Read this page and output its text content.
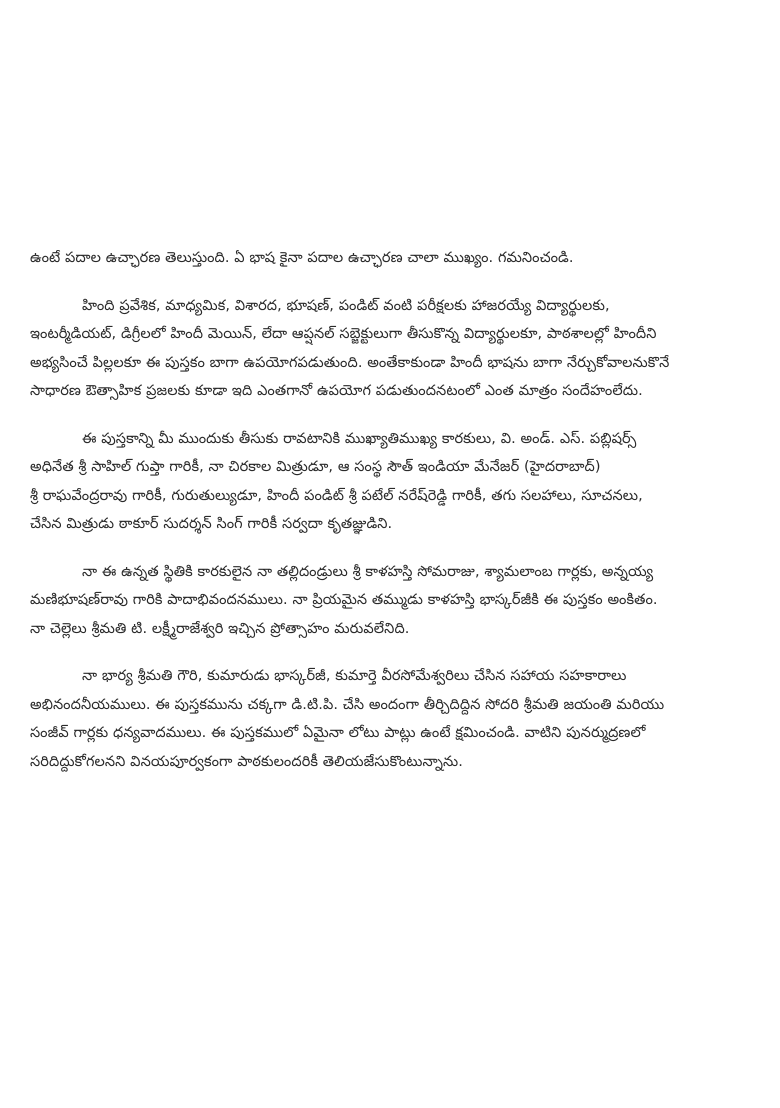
ఉంటే పదాల ఉచ్ఛారణ తెలుస్తుంది. ఏ భాష కైనా పదాల ఉచ్ఛారణ చాలా ముఖ్యం. గమనించండి.

హింది ప్రవేశిక, మాధ్యమిక, విశారద, భూషణ్, పండిట్ వంటి పరీక్షలకు హాజరయ్యే విద్యార్థులకు,
ఇంటర్మీడియట్, డిగ్రీలలో హిందీ మెయిన్, లేదా ఆప్షనల్ సబ్జెక్టులుగా తీసుకొన్న విద్యార్థులకూ, పాఠశాలల్లో హిందీని
అభ్యసించే పిల్లలకూ ఈ పుస్తకం బాగా ఉపయోగపడుతుంది. అంతేకాకుండా హిందీ భాషను బాగా నేర్చుకోవాలనుకొనే
సాధారణ ఔత్సాహిక ప్రజలకు కూడా ఇది ఎంతగానో ఉపయోగ పడుతుందనటంలో ఎంత మాత్రం సందేహంలేదు.

ఈ పుస్తకాన్ని మీ ముందుకు తీసుకు రావటానికి ముఖ్యాతిముఖ్య కారకులు, వి. అండ్. ఎస్. పబ్లిషర్స్
అధినేత శ్రీ సాహిల్ గుప్తా గారికీ, నా చిరకాల మిత్రుడూ, ఆ సంస్థ సౌత్ ఇండియా మేనేజర్ (హైదరాబాద్)
శ్రీ రాఘవేంద్రరావు గారికీ, గురుతుల్యుడూ, హిందీ పండిట్ శ్రీ పటేల్ నరేష్‌రెడ్డి గారికీ, తగు సలహాలు, సూచనలు,
చేసిన మిత్రుడు ఠాకూర్ సుదర్శన్ సింగ్ గారికీ సర్వదా కృతజ్ఞుడిని.

నా ఈ ఉన్నత స్థితికి కారకులైన నా తల్లిదండ్రులు శ్రీ కాళహస్తి సోమరాజు, శ్యామలాంబ గార్లకు, అన్నయ్య
మణిభూషణ్‌రావు గారికి పాదాభివందనములు. నా ప్రియమైన తమ్ముడు కాళహస్తి భాస్కర్‌జీకి ఈ పుస్తకం అంకితం.
నా చెల్లెలు శ్రీమతి టి. లక్ష్మీరాజేశ్వరి ఇచ్చిన ప్రోత్సాహం మరువలేనిది.

నా భార్య శ్రీమతి గౌరి, కుమారుడు భాస్కర్‌జీ, కుమార్తె వీరసోమేశ్వరిలు చేసిన సహాయ సహకారాలు
అభినందనీయములు. ఈ పుస్తకమును చక్కగా డి.టి.పి. చేసి అందంగా తీర్చిదిద్దిన సోదరి శ్రీమతి జయంతి మరియు
సంజీవ్ గార్లకు ధన్యవాదములు. ఈ పుస్తకములో ఏమైనా లోటు పాట్లు ఉంటే క్షమించండి. వాటిని పునర్ముద్రణలో
సరిదిద్దుకోగలనని వినయపూర్వకంగా పాఠకులందరికీ తెలియజేసుకొంటున్నాను.
